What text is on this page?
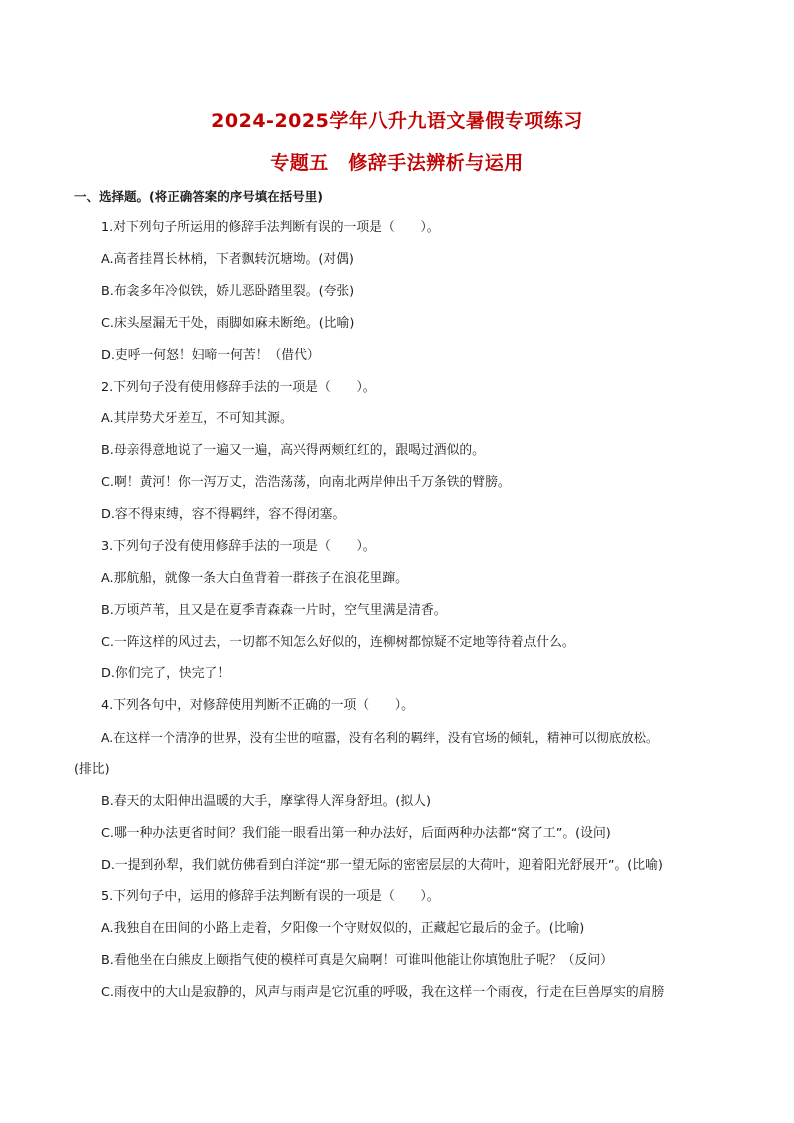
2024-2025学年八升九语文暑假专项练习
专题五　修辞手法辨析与运用
一、选择题。(将正确答案的序号填在括号里)
1.对下列句子所运用的修辞手法判断有误的一项是（　　）。
A.高者挂罥长林梢，下者飘转沉塘坳。(对偶)
B.布衾多年冷似铁，娇儿恶卧踏里裂。(夸张)
C.床头屋漏无干处，雨脚如麻未断绝。(比喻)
D.吏呼一何怒！妇啼一何苦！（借代）
2.下列句子没有使用修辞手法的一项是（　　）。
A.其岸势犬牙差互，不可知其源。
B.母亲得意地说了一遍又一遍，高兴得两颊红红的，跟喝过酒似的。
C.啊！黄河！你一泻万丈，浩浩荡荡，向南北两岸伸出千万条铁的臂膀。
D.容不得束缚，容不得羁绊，容不得闭塞。
3.下列句子没有使用修辞手法的一项是（　　）。
A.那航船，就像一条大白鱼背着一群孩子在浪花里蹿。
B.万顷芦苇，且又是在夏季青森森一片时，空气里满是清香。
C.一阵这样的风过去，一切都不知怎么好似的，连柳树都惊疑不定地等待着点什么。
D.你们完了，快完了！
4.下列各句中，对修辞使用判断不正确的一项（　　）。
A.在这样一个清净的世界，没有尘世的喧嚣，没有名利的羁绊，没有官场的倾轧，精神可以彻底放松。
(排比)
B.春天的太阳伸出温暖的大手，摩挲得人浑身舒坦。(拟人)
C.哪一种办法更省时间？我们能一眼看出第一种办法好，后面两种办法都“窝了工”。(设问)
D.一提到孙犁，我们就仿佛看到白洋淀“那一望无际的密密层层的大荷叶，迎着阳光舒展开”。(比喻)
5.下列句子中，运用的修辞手法判断有误的一项是（　　）。
A.我独自在田间的小路上走着，夕阳像一个守财奴似的，正藏起它最后的金子。(比喻)
B.看他坐在白熊皮上颐指气使的模样可真是欠扁啊！可谁叫他能让你填饱肚子呢？（反问）
C.雨夜中的大山是寂静的，风声与雨声是它沉重的呼吸，我在这样一个雨夜，行走在巨兽厚实的肩膀
